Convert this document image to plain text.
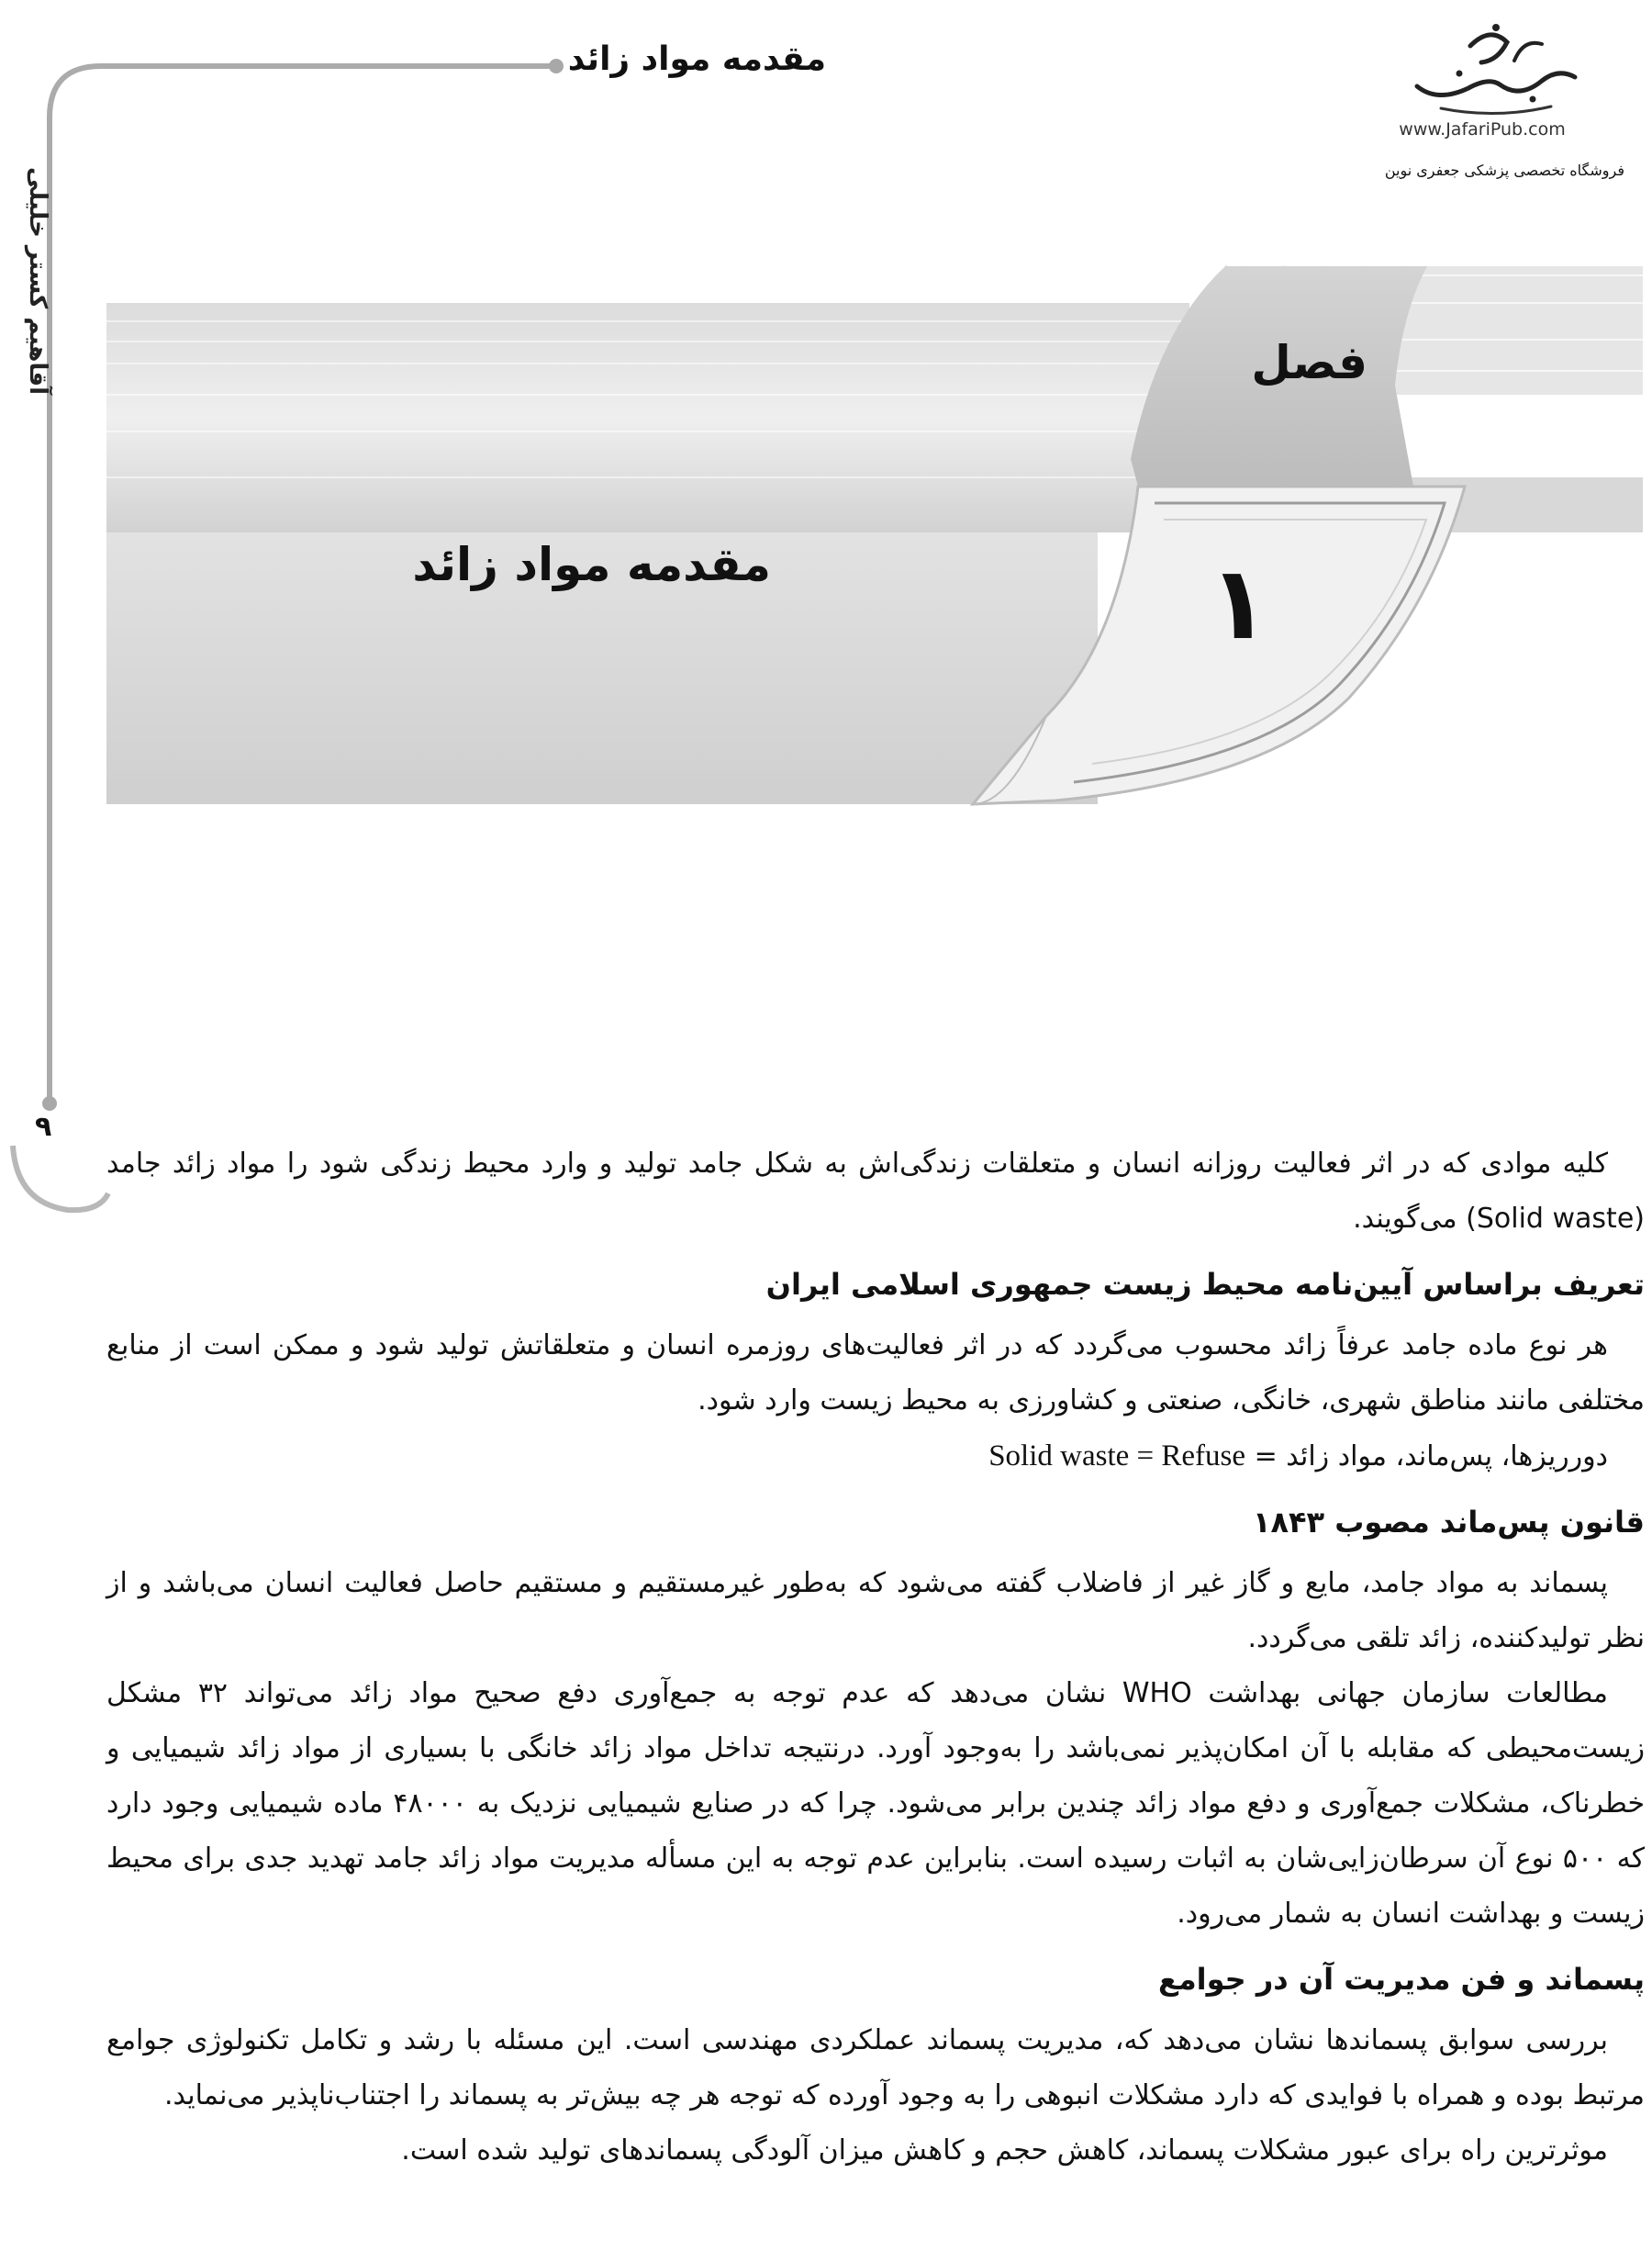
مقدمه مواد زائد
آقاهیم کستر خلیلی
۹
www.JafariPub.com
فروشگاه تخصصی پزشکی جعفری نوین
فصل
۱
مقدمه مواد زائد

کلیه موادی که در اثر فعالیت روزانه انسان و متعلقات زندگی‌اش به شکل جامد تولید و وارد محیط زندگی شود را مواد زائد جامد (Solid waste) می‌گویند.

تعریف براساس آیین‌نامه محیط زیست جمهوری اسلامی ایران

هر نوع ماده جامد عرفاً زائد محسوب می‌گردد که در اثر فعالیت‌های روزمره انسان و متعلقاتش تولید شود و ممکن است از منابع مختلفی مانند مناطق شهری، خانگی، صنعتی و کشاورزی به محیط زیست وارد شود.

دورریزها، پس‌ماند، مواد زائد = Solid waste = Refuse

قانون پس‌ماند مصوب ۱۸۴۳

پسماند به مواد جامد، مایع و گاز غیر از فاضلاب گفته می‌شود که به‌طور غیرمستقیم و مستقیم حاصل فعالیت انسان می‌باشد و از نظر تولیدکننده، زائد تلقی می‌گردد.

مطالعات سازمان جهانی بهداشت WHO نشان می‌دهد که عدم توجه به جمع‌آوری دفع صحیح مواد زائد می‌تواند ۳۲ مشکل زیست‌محیطی که مقابله با آن امکان‌پذیر نمی‌باشد را به‌وجود آورد. درنتیجه تداخل مواد زائد خانگی با بسیاری از مواد زائد شیمیایی و خطرناک، مشکلات جمع‌آوری و دفع مواد زائد چندین برابر می‌شود. چرا که در صنایع شیمیایی نزدیک به ۴۸۰۰۰ ماده شیمیایی وجود دارد که ۵۰۰ نوع آن سرطان‌زایی‌شان به اثبات رسیده است. بنابراین عدم توجه به این مسأله مدیریت مواد زائد جامد تهدید جدی برای محیط زیست و بهداشت انسان به شمار می‌رود.

پسماند و فن مدیریت آن در جوامع

بررسی سوابق پسماندها نشان می‌دهد که، مدیریت پسماند عملکردی مهندسی است. این مسئله با رشد و تکامل تکنولوژی جوامع مرتبط بوده و همراه با فوایدی که دارد مشکلات انبوهی را به وجود آورده که توجه هر چه بیش‌تر به پسماند را اجتناب‌ناپذیر می‌نماید.

موثرترین راه برای عبور مشکلات پسماند، کاهش حجم و کاهش میزان آلودگی پسماندهای تولید شده است.
